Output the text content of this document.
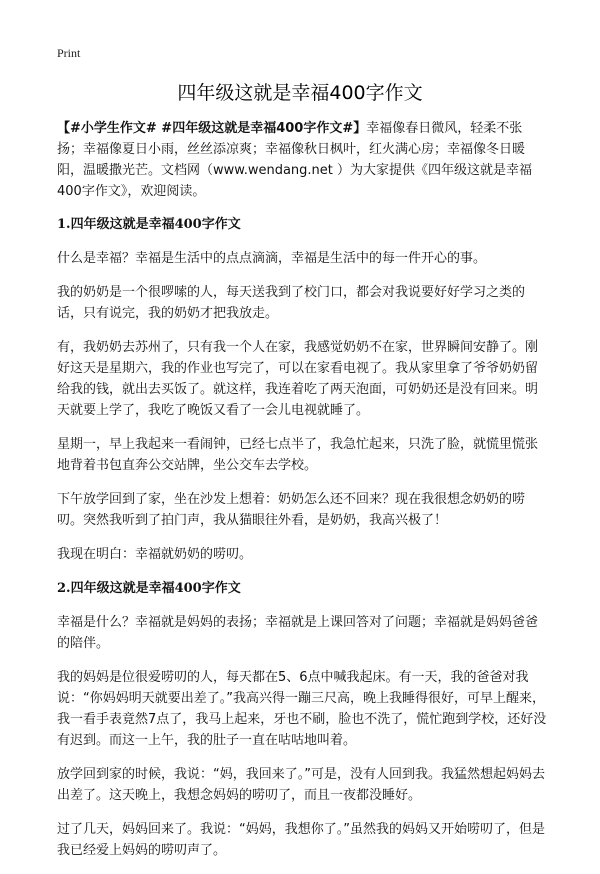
Print
四年级这就是幸福400字作文

【#小学生作文# #四年级这就是幸福400字作文#】幸福像春日微风，轻柔不张扬；幸福像夏日小雨，丝丝添凉爽；幸福像秋日枫叶，红火满心房；幸福像冬日暖阳，温暖撒光芒。文档网（www.wendang.net ）为大家提供《四年级这就是幸福400字作文》，欢迎阅读。

1.四年级这就是幸福400字作文

什么是幸福？幸福是生活中的点点滴滴，幸福是生活中的每一件开心的事。

我的奶奶是一个很啰嗦的人，每天送我到了校门口，都会对我说要好好学习之类的话，只有说完，我的奶奶才把我放走。

有，我奶奶去苏州了，只有我一个人在家，我感觉奶奶不在家，世界瞬间安静了。刚好这天是星期六，我的作业也写完了，可以在家看电视了。我从家里拿了爷爷奶奶留给我的钱，就出去买饭了。就这样，我连着吃了两天泡面，可奶奶还是没有回来。明天就要上学了，我吃了晚饭又看了一会儿电视就睡了。

星期一，早上我起来一看闹钟，已经七点半了，我急忙起来，只洗了脸，就慌里慌张地背着书包直奔公交站牌，坐公交车去学校。

下午放学回到了家，坐在沙发上想着：奶奶怎么还不回来？现在我很想念奶奶的唠叨。突然我听到了拍门声，我从猫眼往外看，是奶奶，我高兴极了！

我现在明白：幸福就奶奶的唠叨。

2.四年级这就是幸福400字作文

幸福是什么？幸福就是妈妈的表扬；幸福就是上课回答对了问题；幸福就是妈妈爸爸的陪伴。

我的妈妈是位很爱唠叨的人，每天都在5、6点中喊我起床。有一天，我的爸爸对我说：“你妈妈明天就要出差了。”我高兴得一蹦三尺高，晚上我睡得很好，可早上醒来，我一看手表竟然7点了，我马上起来，牙也不刷，脸也不洗了，慌忙跑到学校，还好没有迟到。而这一上午，我的肚子一直在咕咕地叫着。

放学回到家的时候，我说：“妈，我回来了。”可是，没有人回到我。我猛然想起妈妈去出差了。这天晚上，我想念妈妈的唠叨了，而且一夜都没睡好。

过了几天，妈妈回来了。我说：“妈妈，我想你了。”虽然我的妈妈又开始唠叨了，但是我已经爱上妈妈的唠叨声了。
